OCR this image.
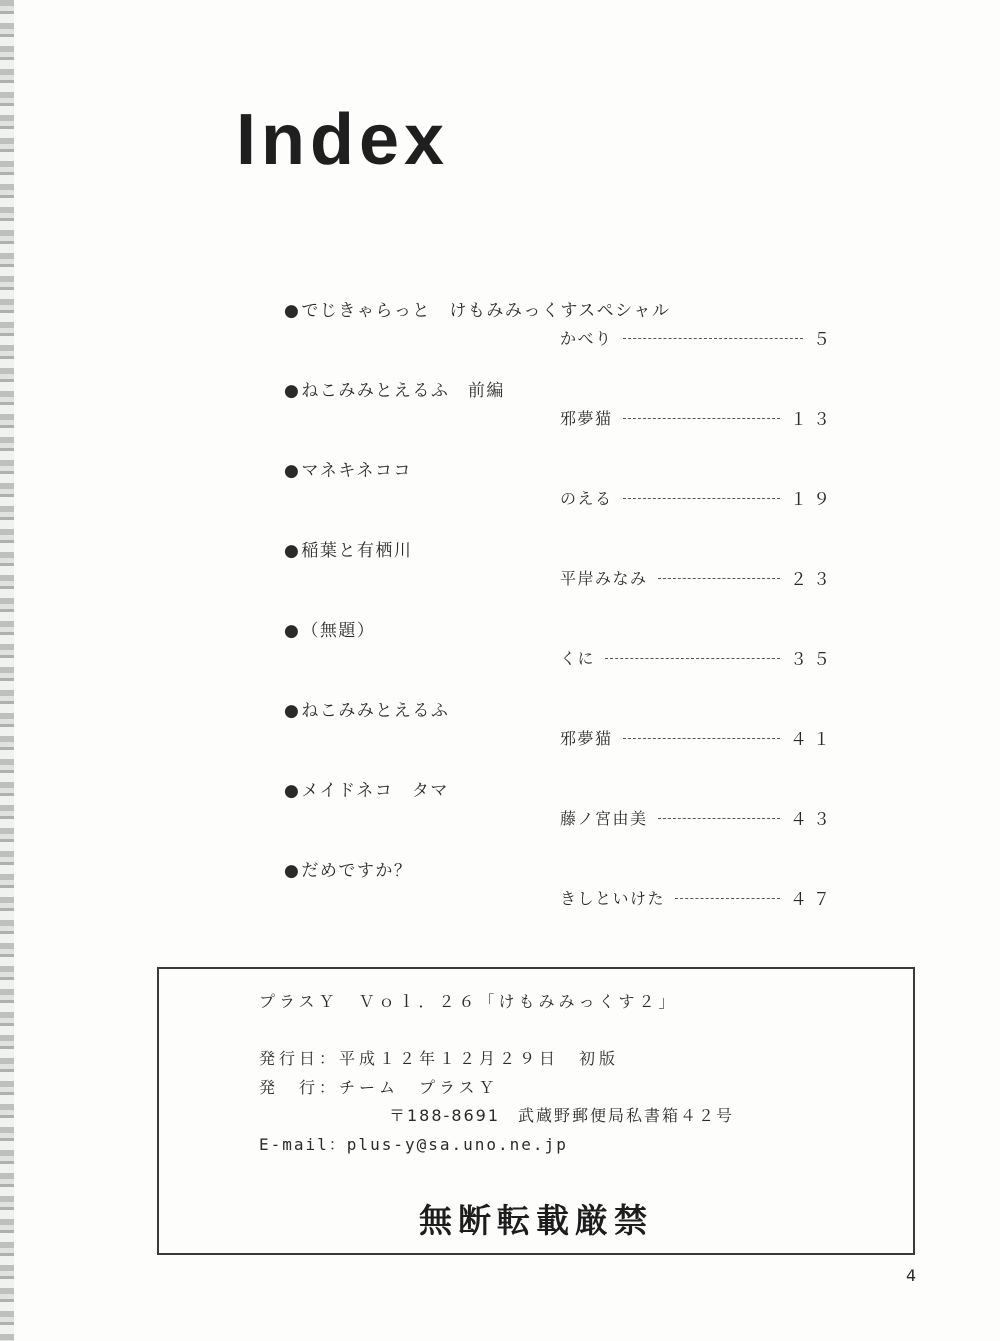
Index
●でじきゃらっと　けもみみっくすスペシャル
かべり	５
●ねこみみとえるふ　前編
邪夢猫	１３
●マネキネココ
のえる	１９
●稲葉と有栖川
平岸みなみ	２３
●（無題）
くに	３５
●ねこみみとえるふ
邪夢猫	４１
●メイドネコ　タマ
藤ノ宮由美	４３
●だめですか？
きしといけた	４７
プラスＹ　Ｖｏｌ．２６「けもみみっくす２」
発行日：平成１２年１２月２９日　初版
発　行：チーム　プラスＹ
〒188-8691　武蔵野郵便局私書箱４２号
E-mail：plus-y@sa.uno.ne.jp
無断転載厳禁
4
